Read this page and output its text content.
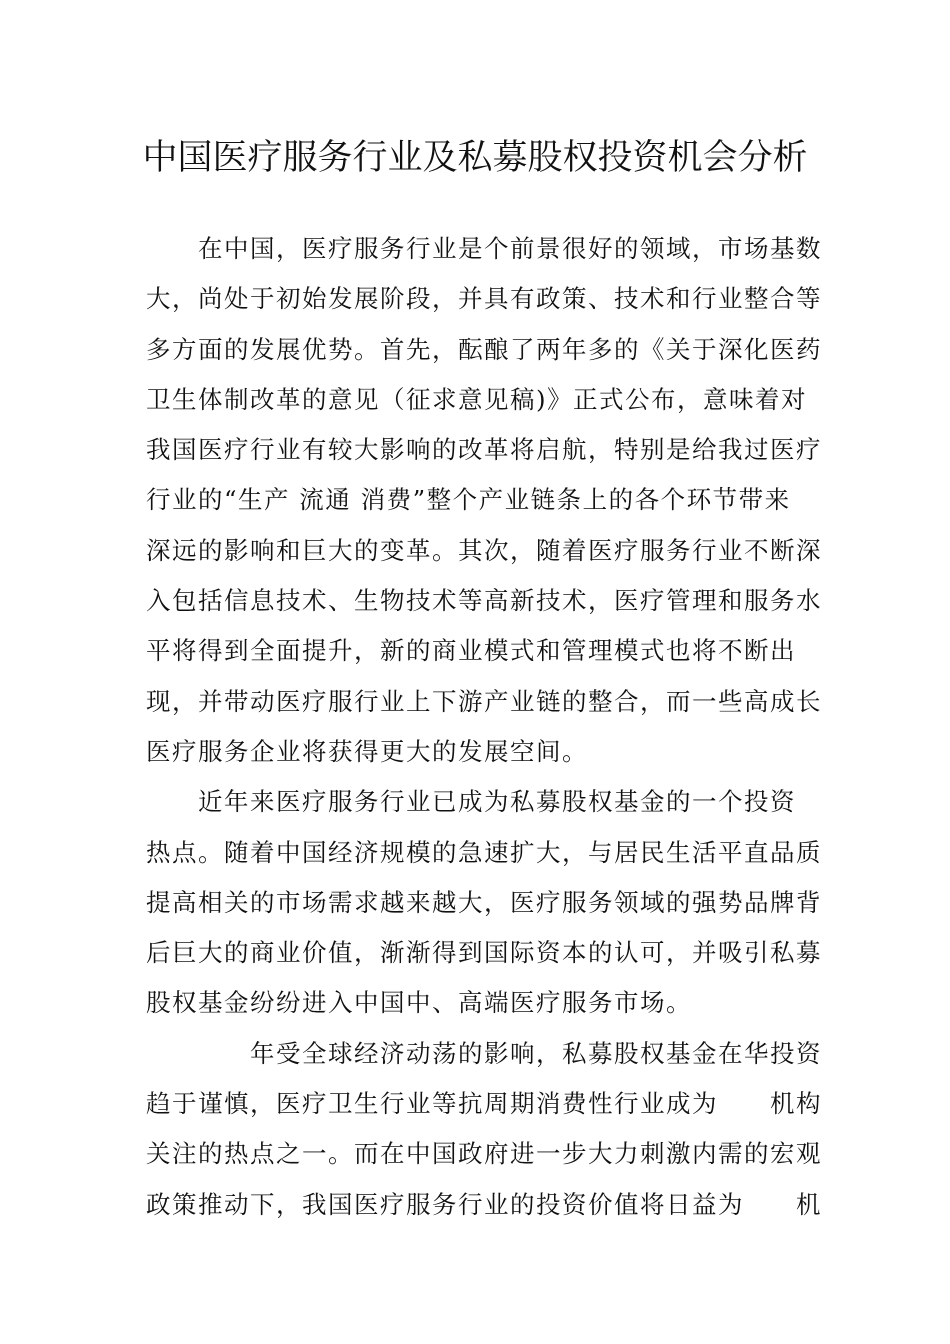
中国医疗服务行业及私募股权投资机会分析
　　在中国，医疗服务行业是个前景很好的领域，市场基数
大，尚处于初始发展阶段，并具有政策、技术和行业整合等
多方面的发展优势。首先，酝酿了两年多的《关于深化医药
卫生体制改革的意见（征求意见稿)》正式公布，意味着对
我国医疗行业有较大影响的改革将启航，特别是给我过医疗
行业的“生产 流通 消费”整个产业链条上的各个环节带来
深远的影响和巨大的变革。其次，随着医疗服务行业不断深
入包括信息技术、生物技术等高新技术，医疗管理和服务水
平将得到全面提升，新的商业模式和管理模式也将不断出
现，并带动医疗服行业上下游产业链的整合，而一些高成长
医疗服务企业将获得更大的发展空间。
　　近年来医疗服务行业已成为私募股权基金的一个投资
热点。随着中国经济规模的急速扩大，与居民生活平直品质
提高相关的市场需求越来越大，医疗服务领域的强势品牌背
后巨大的商业价值，渐渐得到国际资本的认可，并吸引私募
股权基金纷纷进入中国中、高端医疗服务市场。
　　　　年受全球经济动荡的影响，私募股权基金在华投资
趋于谨慎，医疗卫生行业等抗周期消费性行业成为　　机构
关注的热点之一。而在中国政府进一步大力刺激内需的宏观
政策推动下，我国医疗服务行业的投资价值将日益为　　机
